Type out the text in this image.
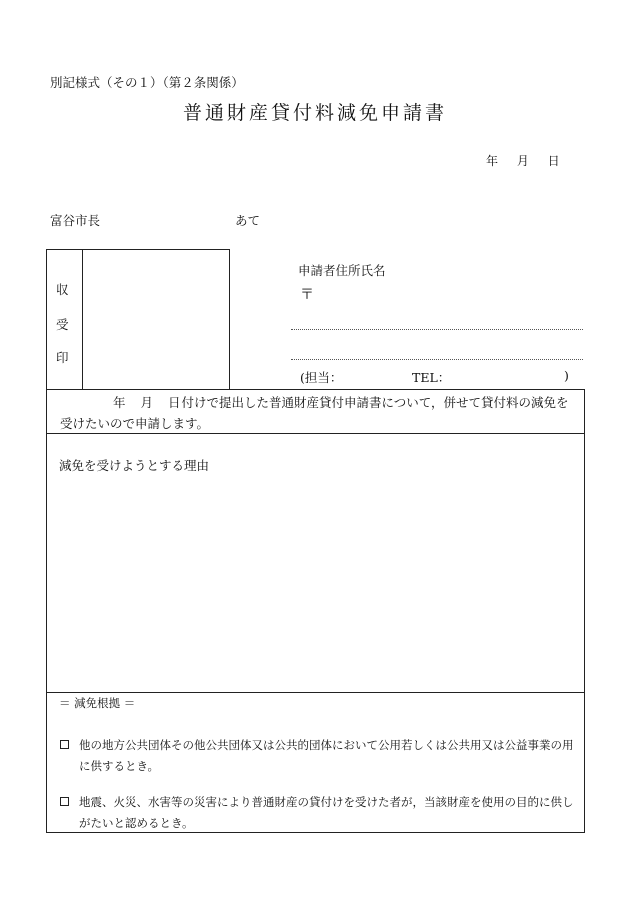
別記様式（その１）（第２条関係）
普通財産貸付料減免申請書
年 月 日
富谷市長	あて
収
受
印
申請者住所氏名
〒
(担当：	TEL：	)
年 月 日付けで提出した普通財産貸付申請書について，併せて貸付料の減免を受けたいので申請します。
減免を受けようとする理由
＝ 減免根拠 ＝
他の地方公共団体その他公共団体又は公共的団体において公用若しくは公共用又は公益事業の用に供するとき。
地震、火災、水害等の災害により普通財産の貸付けを受けた者が，当該財産を使用の目的に供しがたいと認めるとき。
